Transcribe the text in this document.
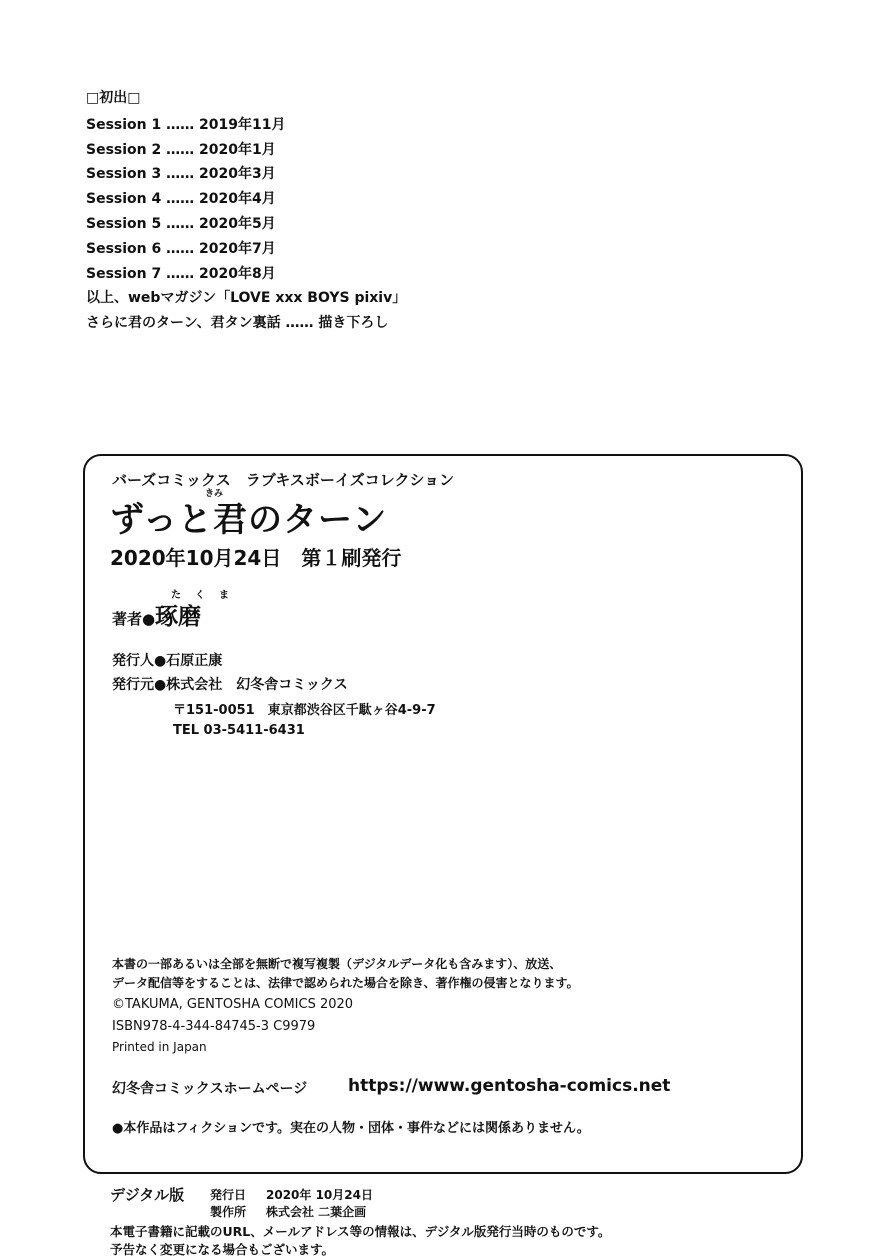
□初出□
Session 1 …… 2019年11月
Session 2 …… 2020年1月
Session 3 …… 2020年3月
Session 4 …… 2020年4月
Session 5 …… 2020年5月
Session 6 …… 2020年7月
Session 7 …… 2020年8月
以上、webマガジン「LOVE xxx BOYS pixiv」
さらに君のターン、君タン裏話 …… 描き下ろし
バーズコミックス　ラブキスボーイズコレクション
きみ
ずっと君のターン
2020年10月24日　第１刷発行
たくま
著者●琢磨
発行人●石原正康
発行元●株式会社　幻冬舎コミックス
〒151-0051　東京都渋谷区千駄ヶ谷4-9-7
TEL 03-5411-6431
本書の一部あるいは全部を無断で複写複製（デジタルデータ化も含みます）、放送、
データ配信等をすることは、法律で認められた場合を除き、著作権の侵害となります。
©TAKUMA, GENTOSHA COMICS 2020
ISBN978-4-344-84745-3 C9979
Printed in Japan
幻冬舎コミックスホームページ https://www.gentosha-comics.net
●本作品はフィクションです。実在の人物・団体・事件などには関係ありません。
デジタル版 発行日 2020年 10月24日
製作所 株式会社 二葉企画
本電子書籍に記載のURL、メールアドレス等の情報は、デジタル版発行当時のものです。
予告なく変更になる場合もございます。
